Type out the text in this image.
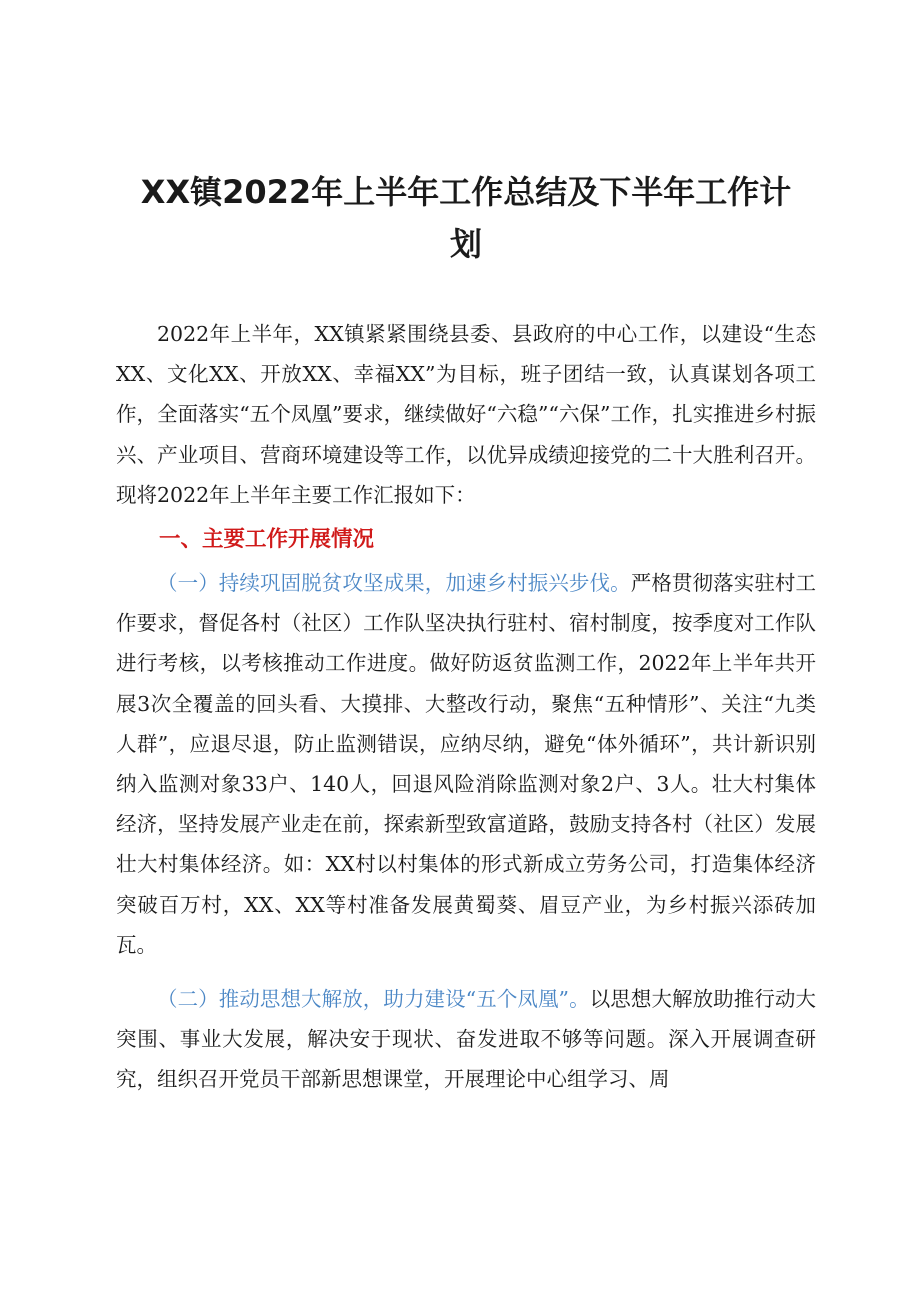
XX镇2022年上半年工作总结及下半年工作计
划

2022年上半年，XX镇紧紧围绕县委、县政府的中心工作，以建设“生态XX、文化XX、开放XX、幸福XX”为目标，班子团结一致，认真谋划各项工作，全面落实“五个凤凰”要求，继续做好“六稳”“六保”工作，扎实推进乡村振兴、产业项目、营商环境建设等工作，以优异成绩迎接党的二十大胜利召开。现将2022年上半年主要工作汇报如下：

一、主要工作开展情况

（一）持续巩固脱贫攻坚成果，加速乡村振兴步伐。严格贯彻落实驻村工作要求，督促各村（社区）工作队坚决执行驻村、宿村制度，按季度对工作队进行考核，以考核推动工作进度。做好防返贫监测工作，2022年上半年共开展3次全覆盖的回头看、大摸排、大整改行动，聚焦“五种情形”、关注“九类人群”，应退尽退，防止监测错误，应纳尽纳，避免“体外循环”，共计新识别纳入监测对象33户、140人，回退风险消除监测对象2户、3人。壮大村集体经济，坚持发展产业走在前，探索新型致富道路，鼓励支持各村（社区）发展壮大村集体经济。如：XX村以村集体的形式新成立劳务公司，打造集体经济突破百万村，XX、XX等村准备发展黄蜀葵、眉豆产业，为乡村振兴添砖加瓦。

（二）推动思想大解放，助力建设“五个凤凰”。以思想大解放助推行动大突围、事业大发展，解决安于现状、奋发进取不够等问题。深入开展调查研究，组织召开党员干部新思想课堂，开展理论中心组学习、周
